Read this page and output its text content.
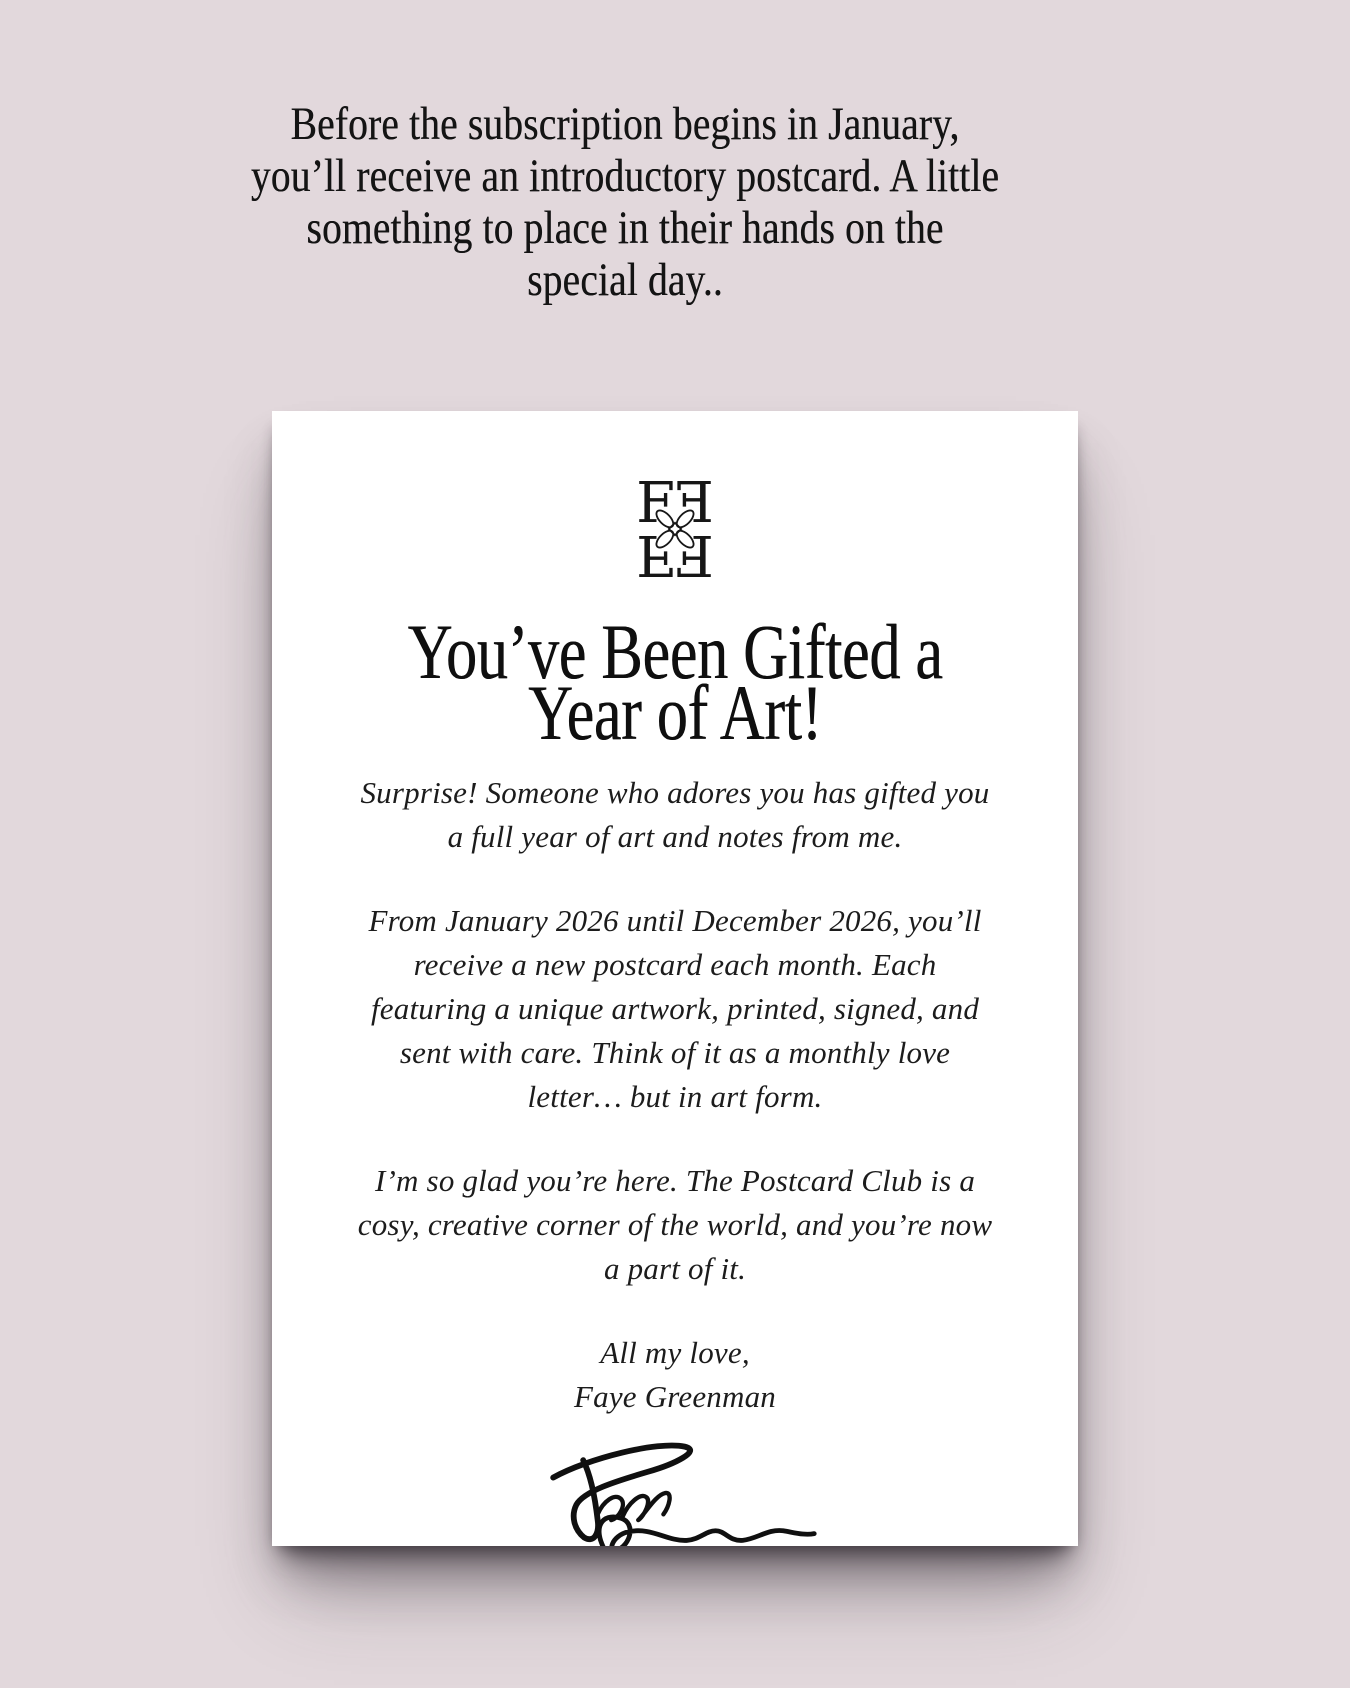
Before the subscription begins in January,
you’ll receive an introductory postcard. A little
something to place in their hands on the
special day..
F F
F F
You’ve Been Gifted a
Year of Art!

Surprise! Someone who adores you has gifted you
a full year of art and notes from me.

From January 2026 until December 2026, you’ll
receive a new postcard each month. Each
featuring a unique artwork, printed, signed, and
sent with care. Think of it as a monthly love
letter… but in art form.

I’m so glad you’re here. The Postcard Club is a
cosy, creative corner of the world, and you’re now
a part of it.

All my love,
Faye Greenman
